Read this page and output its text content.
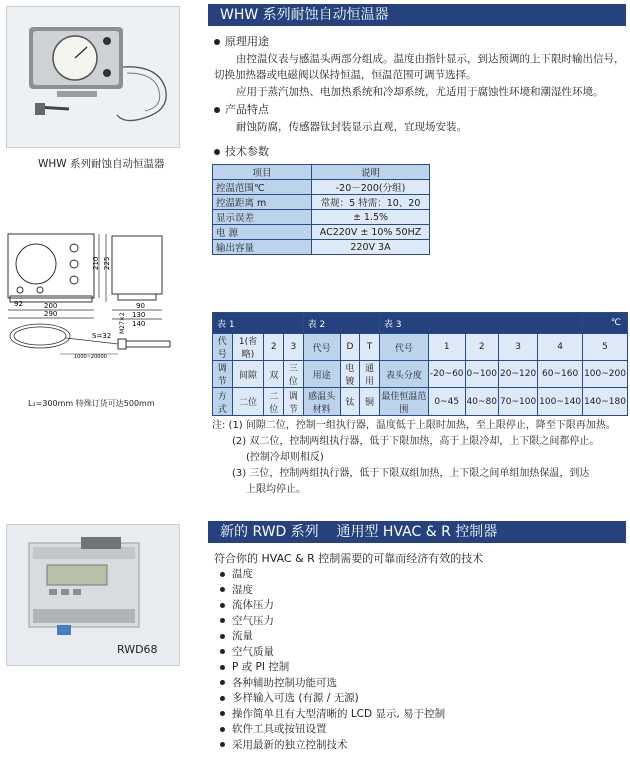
WHW 系列耐蚀自动恒温器
WHW 系列耐蚀自动恒温器
原理用途
由控温仪表与感温头两部分组成。温度由指针显示，到达预调的上下限时输出信号，切换加热器或电磁阀以保持恒温，恒温范围可调节选择。
应用于蒸汽加热、电加热系统和冷却系统，尤适用于腐蚀性环境和潮湿性环境。
产品特点
耐蚀防腐，传感器钛封装显示直观，宜现场安装。
技术参数
项目	说明
控温范围℃	-20－200(分组)
控温距离 m	常规：5 特需：10、20
显示误差	± 1.5%
电 源	AC220V ± 10% 50HZ
输出容量	220V 3A
210 225
92	200
290
90
130
140
S=32
M27×2
1000~20000
L₁=300mm 特殊订货可达500mm
表 1				表 2			表 3					℃
代号	1(省略)	2	3	代号	D	T	代号	1	2	3	4	5
调节	间隙	双	三位	用途	电镀	通用	表头分度	-20~60	0~100	20~120	60~160	100~200
方式	二位	二位	调节	感温头材料	钛	铜	最佳恒温范围	0~45	40~80	70~100	100~140	140~180
注: (1) 间隙二位，控制一组执行器，温度低于上限时加热，至上限停止，降至下限再加热。
(2) 双二位，控制两组执行器，低于下限加热，高于上限冷却，上下限之间都停止。
(控制冷却则相反)
(3) 三位，控制两组执行器，低于下限双组加热，上下限之间单组加热保温，到达
上限均停止。
RWD68
新的 RWD 系列    通用型 HVAC & R 控制器
符合你的 HVAC & R 控制需要的可靠而经济有效的技术
温度
湿度
流体压力
空气压力
流量
空气质量
P 或 PI 控制
各种辅助控制功能可选
多样输入可选 (有源 / 无源)
操作简单且有大型清晰的 LCD 显示, 易于控制
软件工具或按钮设置
采用最新的独立控制技术
